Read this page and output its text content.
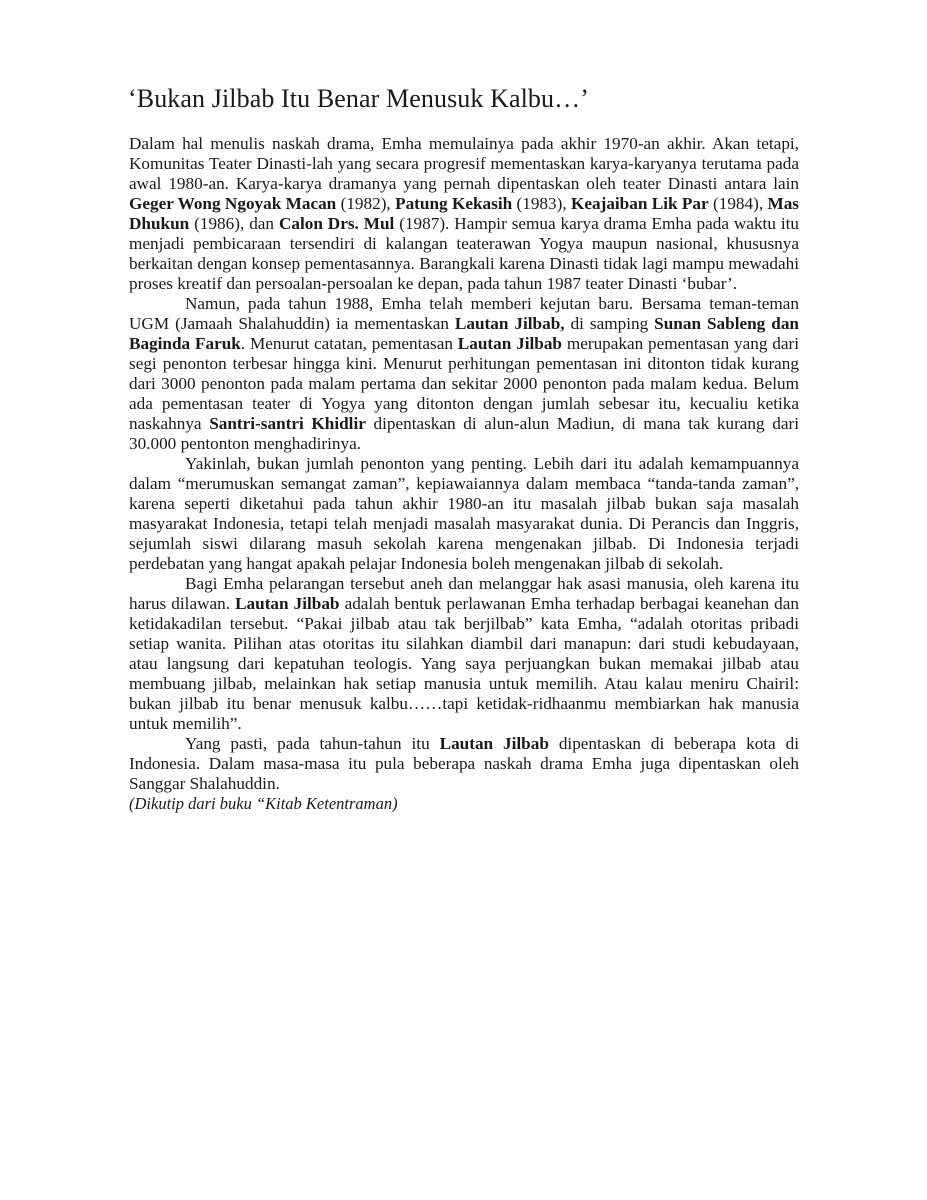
‘Bukan Jilbab Itu Benar Menusuk Kalbu…’

Dalam hal menulis naskah drama, Emha memulainya pada akhir 1970-an akhir. Akan tetapi, Komunitas Teater Dinasti-lah yang secara progresif mementaskan karya-karyanya terutama pada awal 1980-an. Karya-karya dramanya yang pernah dipentaskan oleh teater Dinasti antara lain Geger Wong Ngoyak Macan (1982), Patung Kekasih (1983), Keajaiban Lik Par (1984), Mas Dhukun (1986), dan Calon Drs. Mul (1987). Hampir semua karya drama Emha pada waktu itu menjadi pembicaraan tersendiri di kalangan teaterawan Yogya maupun nasional, khususnya berkaitan dengan konsep pementasannya. Barangkali karena Dinasti tidak lagi mampu mewadahi proses kreatif dan persoalan-persoalan ke depan, pada tahun 1987 teater Dinasti ‘bubar’.

Namun, pada tahun 1988, Emha telah memberi kejutan baru. Bersama teman-teman UGM (Jamaah Shalahuddin) ia mementaskan Lautan Jilbab, di samping Sunan Sableng dan Baginda Faruk. Menurut catatan, pementasan Lautan Jilbab merupakan pementasan yang dari segi penonton terbesar hingga kini. Menurut perhitungan pementasan ini ditonton tidak kurang dari 3000 penonton pada malam pertama dan sekitar 2000 penonton pada malam kedua. Belum ada pementasan teater di Yogya yang ditonton dengan jumlah sebesar itu, kecualiu ketika naskahnya Santri-santri Khidlir dipentaskan di alun-alun Madiun, di mana tak kurang dari 30.000 pentonton menghadirinya.

Yakinlah, bukan jumlah penonton yang penting. Lebih dari itu adalah kemampuannya dalam “merumuskan semangat zaman”, kepiawaiannya dalam membaca “tanda-tanda zaman”, karena seperti diketahui pada tahun akhir 1980-an itu masalah jilbab bukan saja masalah masyarakat Indonesia, tetapi telah menjadi masalah masyarakat dunia. Di Perancis dan Inggris, sejumlah siswi dilarang masuh sekolah karena mengenakan jilbab. Di Indonesia terjadi perdebatan yang hangat apakah pelajar Indonesia boleh mengenakan jilbab di sekolah.

Bagi Emha pelarangan tersebut aneh dan melanggar hak asasi manusia, oleh karena itu harus dilawan. Lautan Jilbab adalah bentuk perlawanan Emha terhadap berbagai keanehan dan ketidakadilan tersebut. “Pakai jilbab atau tak berjilbab” kata Emha, “adalah otoritas pribadi setiap wanita. Pilihan atas otoritas itu silahkan diambil dari manapun: dari studi kebudayaan, atau langsung dari kepatuhan teologis. Yang saya perjuangkan bukan memakai jilbab atau membuang jilbab, melainkan hak setiap manusia untuk memilih. Atau kalau meniru Chairil: bukan jilbab itu benar menusuk kalbu……tapi ketidak-ridhaanmu membiarkan hak manusia untuk memilih”.

Yang pasti, pada tahun-tahun itu Lautan Jilbab dipentaskan di beberapa kota di Indonesia. Dalam masa-masa itu pula beberapa naskah drama Emha juga dipentaskan oleh Sanggar Shalahuddin.

(Dikutip dari buku “Kitab Ketentraman)
